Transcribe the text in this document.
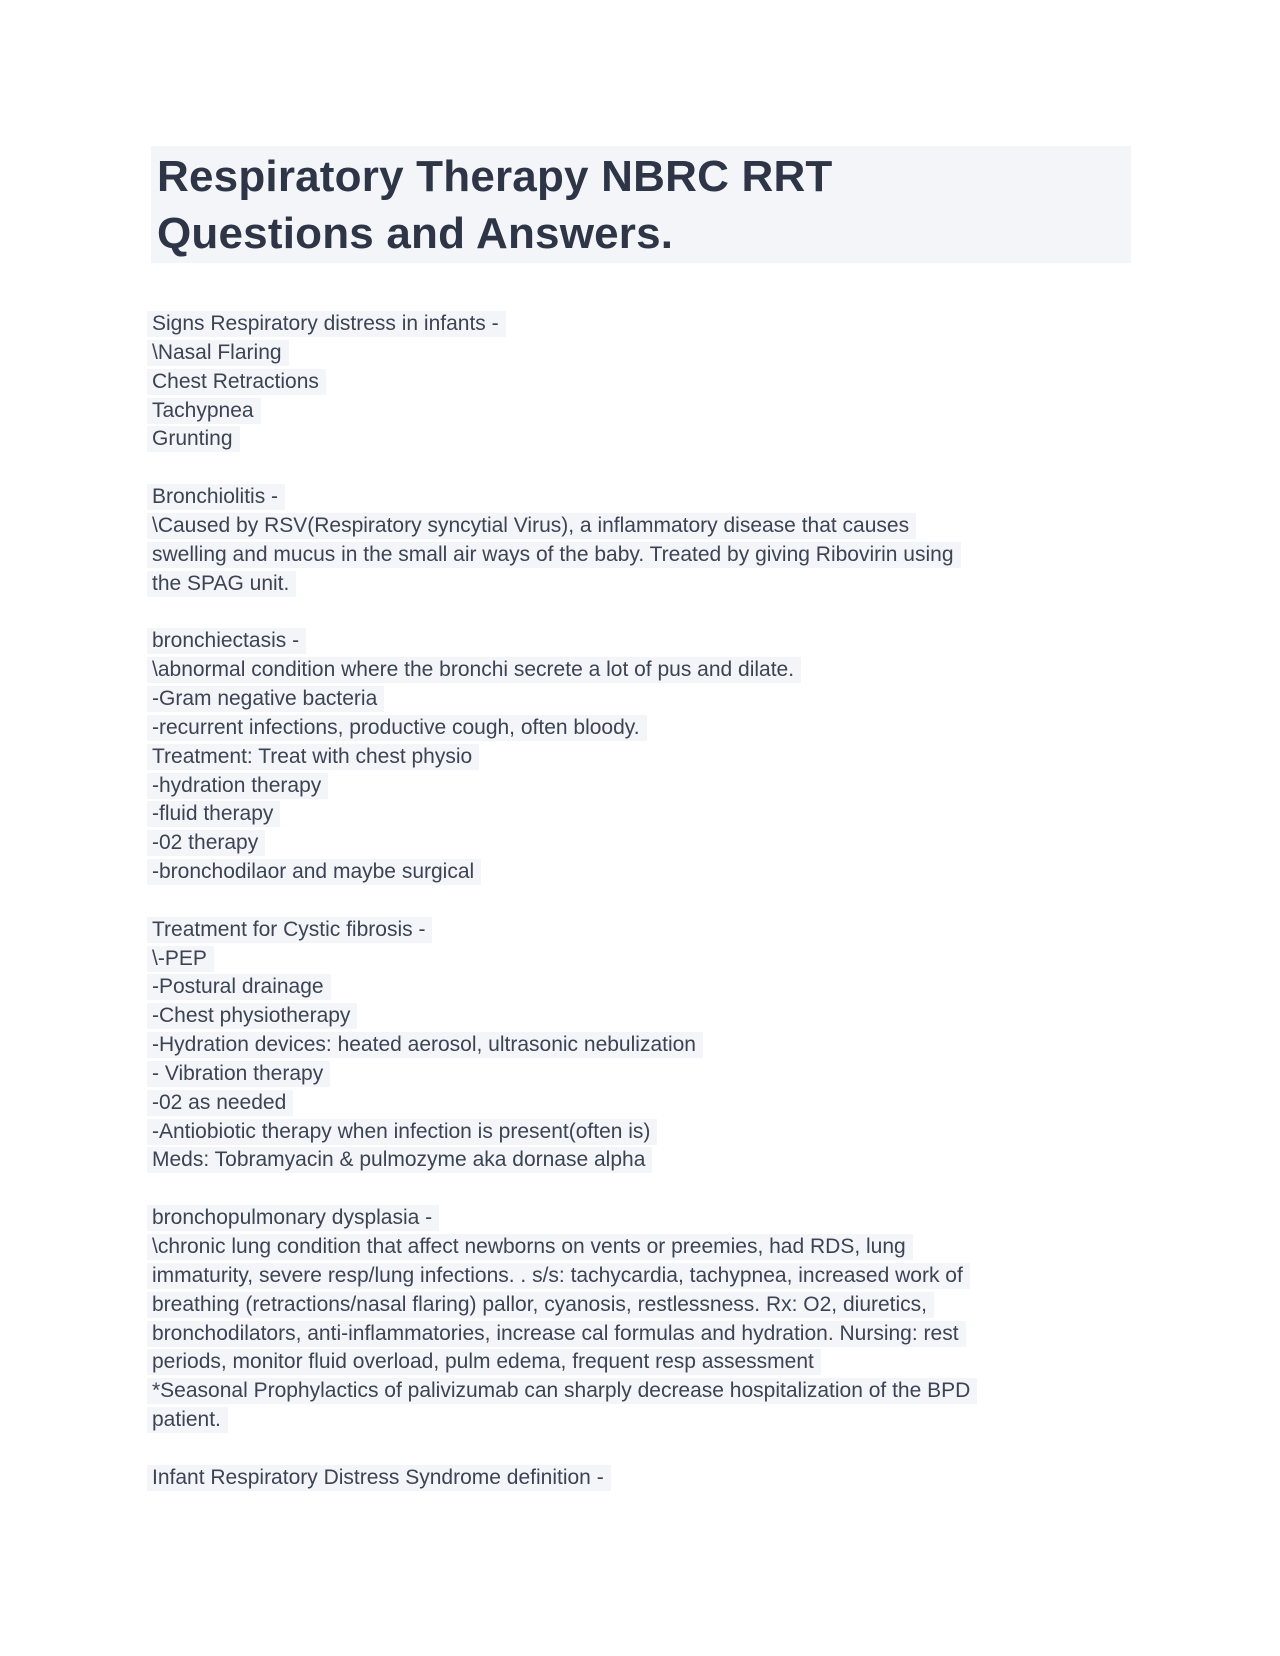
Respiratory Therapy NBRC RRT
Questions and Answers.
Signs Respiratory distress in infants -
\Nasal Flaring
Chest Retractions
Tachypnea
Grunting
Bronchiolitis -
\Caused by RSV(Respiratory syncytial Virus), a inflammatory disease that causes
swelling and mucus in the small air ways of the baby. Treated by giving Ribovirin using
the SPAG unit.
bronchiectasis -
\abnormal condition where the bronchi secrete a lot of pus and dilate.
-Gram negative bacteria
-recurrent infections, productive cough, often bloody.
Treatment: Treat with chest physio
-hydration therapy
-fluid therapy
-02 therapy
-bronchodilaor and maybe surgical
Treatment for Cystic fibrosis -
\-PEP
-Postural drainage
-Chest physiotherapy
-Hydration devices: heated aerosol, ultrasonic nebulization
- Vibration therapy
-02 as needed
-Antiobiotic therapy when infection is present(often is)
Meds: Tobramyacin & pulmozyme aka dornase alpha
bronchopulmonary dysplasia -
\chronic lung condition that affect newborns on vents or preemies, had RDS, lung
immaturity, severe resp/lung infections. . s/s: tachycardia, tachypnea, increased work of
breathing (retractions/nasal flaring) pallor, cyanosis, restlessness. Rx: O2, diuretics,
bronchodilators, anti-inflammatories, increase cal formulas and hydration. Nursing: rest
periods, monitor fluid overload, pulm edema, frequent resp assessment
*Seasonal Prophylactics of palivizumab can sharply decrease hospitalization of the BPD
patient.
Infant Respiratory Distress Syndrome definition -
